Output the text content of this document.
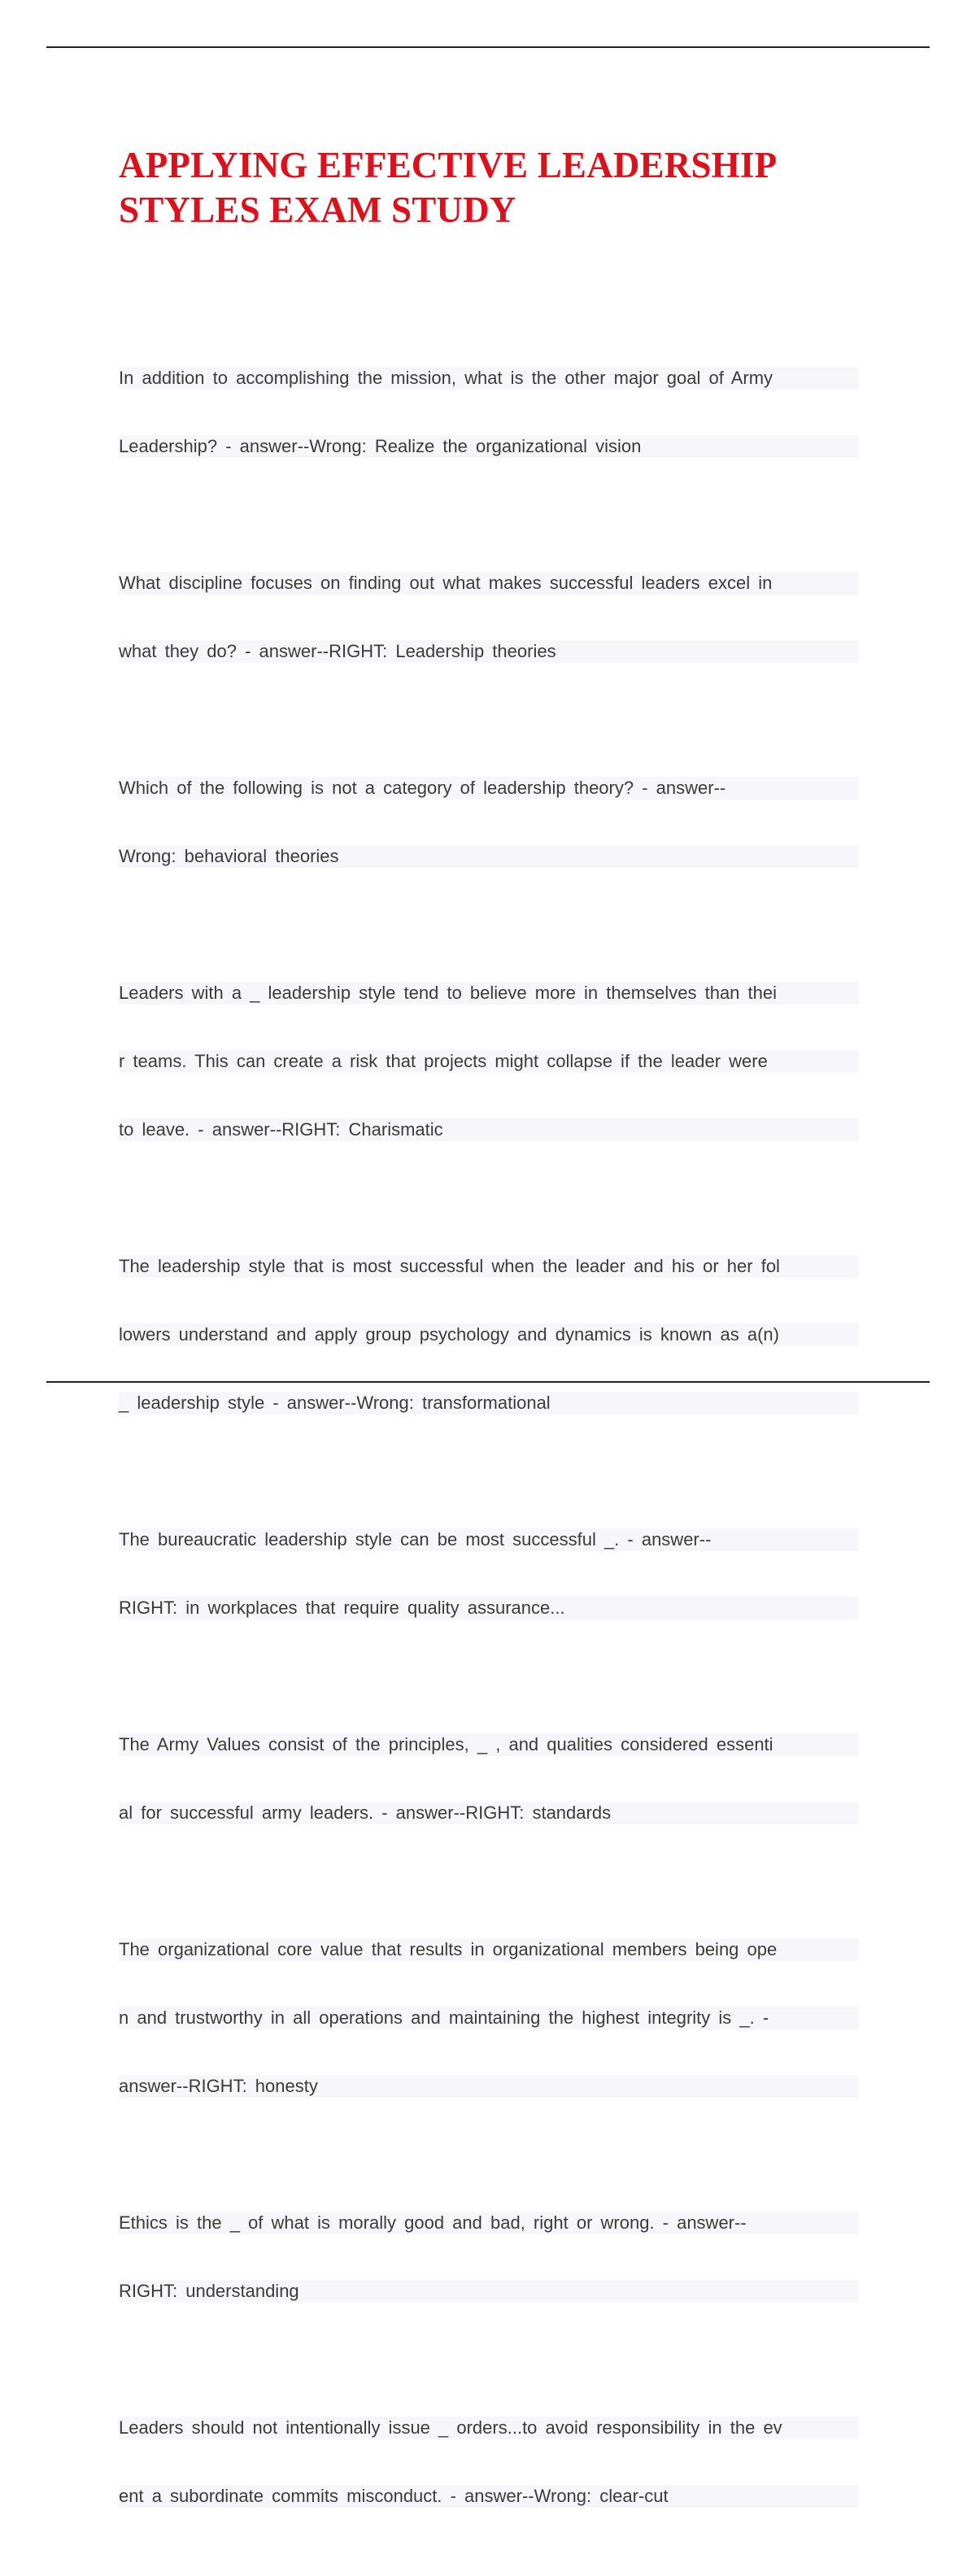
APPLYING EFFECTIVE LEADERSHIP
STYLES EXAM STUDY

In addition to accomplishing the mission, what is the other major goal of Army

Leadership? - answer--Wrong: Realize the organizational vision

What discipline focuses on finding out what makes successful leaders excel in

what they do? - answer--RIGHT: Leadership theories

Which of the following is not a category of leadership theory? - answer--

Wrong: behavioral theories

Leaders with a _ leadership style tend to believe more in themselves than thei

r teams. This can create a risk that projects might collapse if the leader were

to leave. - answer--RIGHT: Charismatic

The leadership style that is most successful when the leader and his or her fol

lowers understand and apply group psychology and dynamics is known as a(n)

_ leadership style - answer--Wrong: transformational

The bureaucratic leadership style can be most successful _. - answer--

RIGHT: in workplaces that require quality assurance...

The Army Values consist of the principles, _ , and qualities considered essenti

al for successful army leaders. - answer--RIGHT: standards

The organizational core value that results in organizational members being ope

n and trustworthy in all operations and maintaining the highest integrity is _. -

answer--RIGHT: honesty

Ethics is the _ of what is morally good and bad, right or wrong. - answer--

RIGHT: understanding

Leaders should not intentionally issue _ orders...to avoid responsibility in the ev

ent a subordinate commits misconduct. - answer--Wrong: clear-cut
